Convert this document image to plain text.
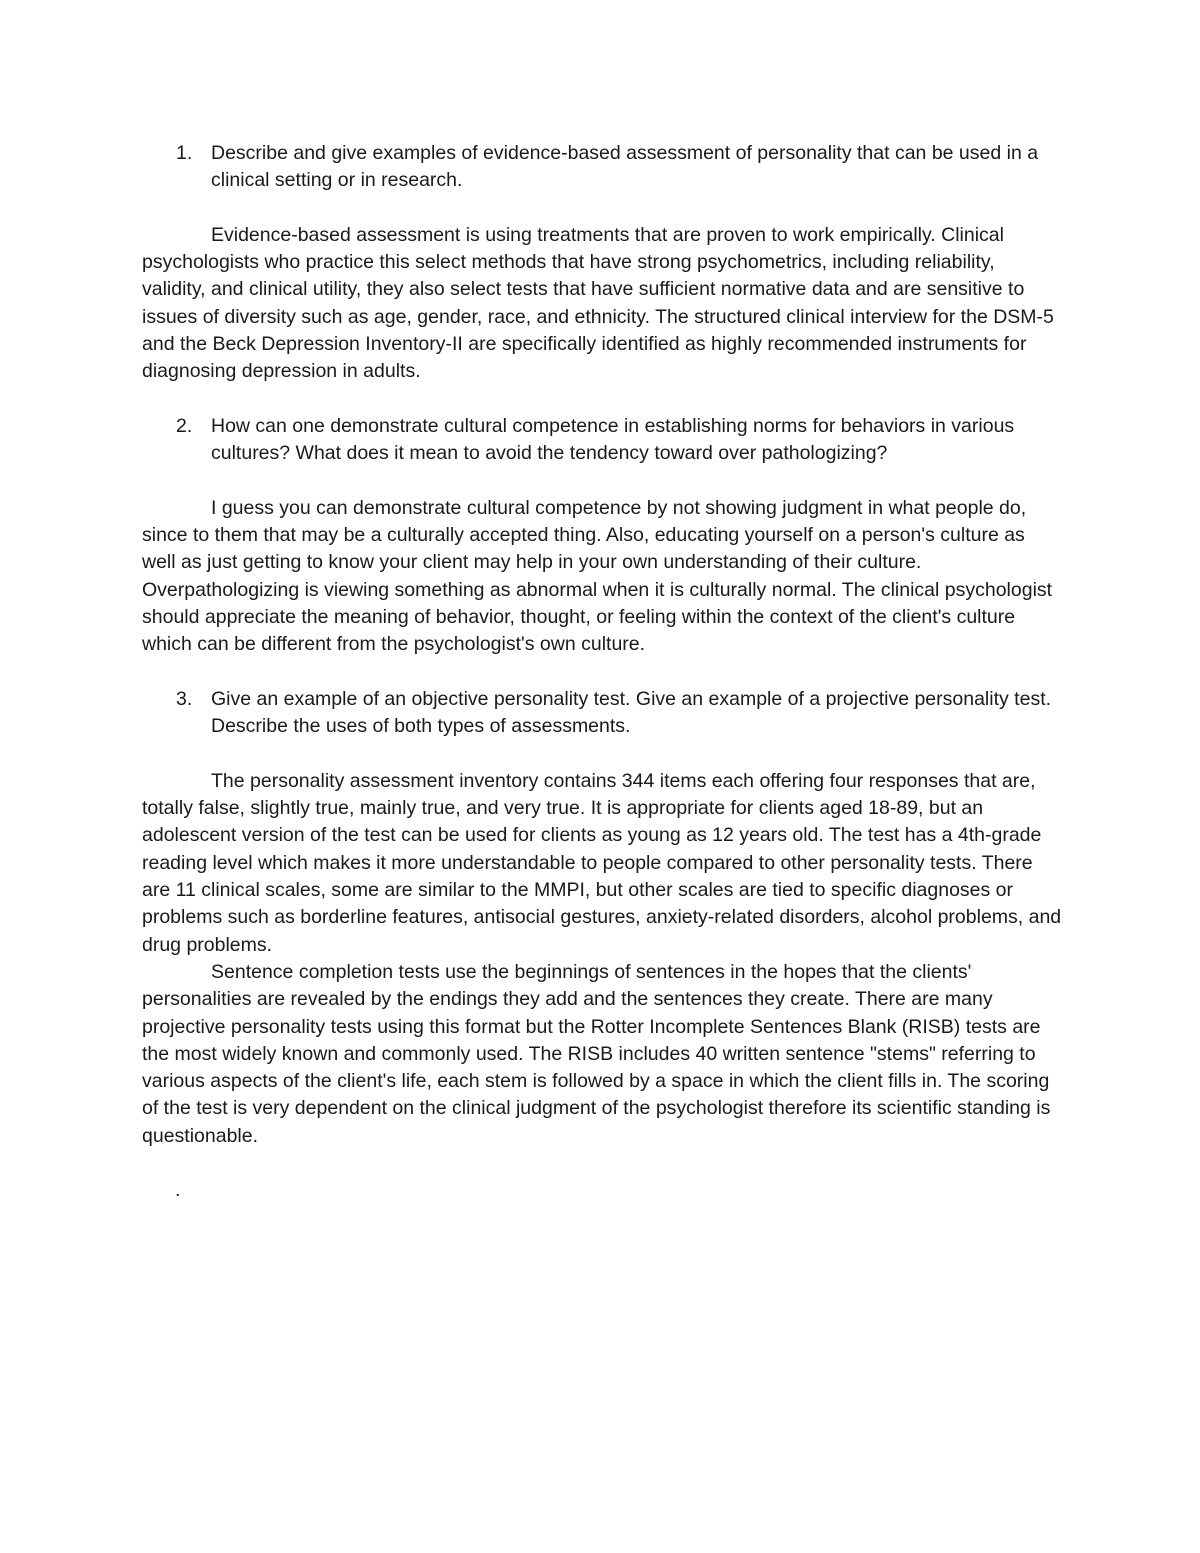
1. Describe and give examples of evidence-based assessment of personality that can be used in a clinical setting or in research.

Evidence-based assessment is using treatments that are proven to work empirically. Clinical psychologists who practice this select methods that have strong psychometrics, including reliability, validity, and clinical utility, they also select tests that have sufficient normative data and are sensitive to issues of diversity such as age, gender, race, and ethnicity. The structured clinical interview for the DSM-5 and the Beck Depression Inventory-II are specifically identified as highly recommended instruments for diagnosing depression in adults.

2. How can one demonstrate cultural competence in establishing norms for behaviors in various cultures? What does it mean to avoid the tendency toward over pathologizing?

I guess you can demonstrate cultural competence by not showing judgment in what people do, since to them that may be a culturally accepted thing. Also, educating yourself on a person's culture as well as just getting to know your client may help in your own understanding of their culture. Overpathologizing is viewing something as abnormal when it is culturally normal. The clinical psychologist should appreciate the meaning of behavior, thought, or feeling within the context of the client's culture which can be different from the psychologist's own culture.

3. Give an example of an objective personality test. Give an example of a projective personality test. Describe the uses of both types of assessments.

The personality assessment inventory contains 344 items each offering four responses that are, totally false, slightly true, mainly true, and very true. It is appropriate for clients aged 18-89, but an adolescent version of the test can be used for clients as young as 12 years old. The test has a 4th-grade reading level which makes it more understandable to people compared to other personality tests. There are 11 clinical scales, some are similar to the MMPI, but other scales are tied to specific diagnoses or problems such as borderline features, antisocial gestures, anxiety-related disorders, alcohol problems, and drug problems.

Sentence completion tests use the beginnings of sentences in the hopes that the clients' personalities are revealed by the endings they add and the sentences they create. There are many projective personality tests using this format but the Rotter Incomplete Sentences Blank (RISB) tests are the most widely known and commonly used. The RISB includes 40 written sentence "stems" referring to various aspects of the client's life, each stem is followed by a space in which the client fills in. The scoring of the test is very dependent on the clinical judgment of the psychologist therefore its scientific standing is questionable.

.
